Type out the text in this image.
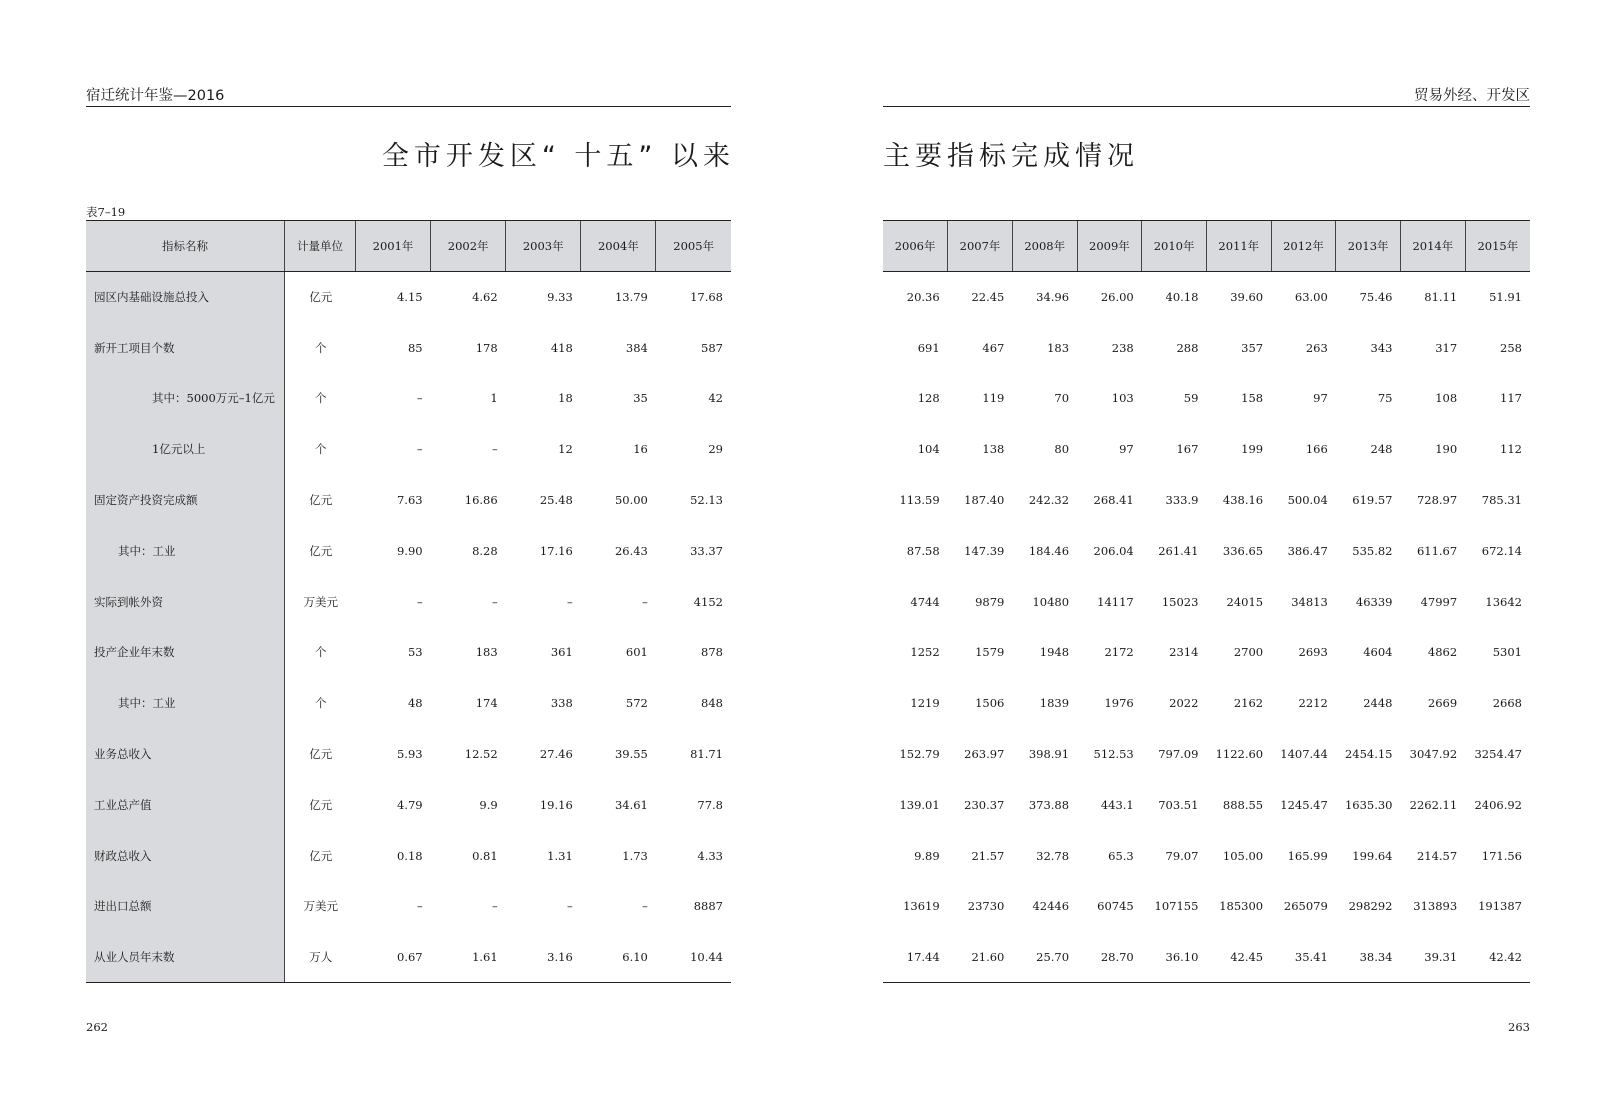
宿迁统计年鉴—2016
全市开发区“ 十五” 以来
表7–19
指标名称	计量单位	2001年	2002年	2003年	2004年	2005年
园区内基础设施总投入	亿元	4.15	4.62	9.33	13.79	17.68
新开工项目个数	个	85	178	418	384	587
其中：5000万元–1亿元	个	–	1	18	35	42
1亿元以上	个	–	–	12	16	29
固定资产投资完成额	亿元	7.63	16.86	25.48	50.00	52.13
其中：工业	亿元	9.90	8.28	17.16	26.43	33.37
实际到帐外资	万美元	–	–	–	–	4152
投产企业年末数	个	53	183	361	601	878
其中：工业	个	48	174	338	572	848
业务总收入	亿元	5.93	12.52	27.46	39.55	81.71
工业总产值	亿元	4.79	9.9	19.16	34.61	77.8
财政总收入	亿元	0.18	0.81	1.31	1.73	4.33
进出口总额	万美元	–	–	–	–	8887
从业人员年末数	万人	0.67	1.61	3.16	6.10	10.44
262
贸易外经、开发区
主要指标完成情况
2006年	2007年	2008年	2009年	2010年	2011年	2012年	2013年	2014年	2015年
20.36	22.45	34.96	26.00	40.18	39.60	63.00	75.46	81.11	51.91
691	467	183	238	288	357	263	343	317	258
128	119	70	103	59	158	97	75	108	117
104	138	80	97	167	199	166	248	190	112
113.59	187.40	242.32	268.41	333.9	438.16	500.04	619.57	728.97	785.31
87.58	147.39	184.46	206.04	261.41	336.65	386.47	535.82	611.67	672.14
4744	9879	10480	14117	15023	24015	34813	46339	47997	13642
1252	1579	1948	2172	2314	2700	2693	4604	4862	5301
1219	1506	1839	1976	2022	2162	2212	2448	2669	2668
152.79	263.97	398.91	512.53	797.09	1122.60	1407.44	2454.15	3047.92	3254.47
139.01	230.37	373.88	443.1	703.51	888.55	1245.47	1635.30	2262.11	2406.92
9.89	21.57	32.78	65.3	79.07	105.00	165.99	199.64	214.57	171.56
13619	23730	42446	60745	107155	185300	265079	298292	313893	191387
17.44	21.60	25.70	28.70	36.10	42.45	35.41	38.34	39.31	42.42
263
